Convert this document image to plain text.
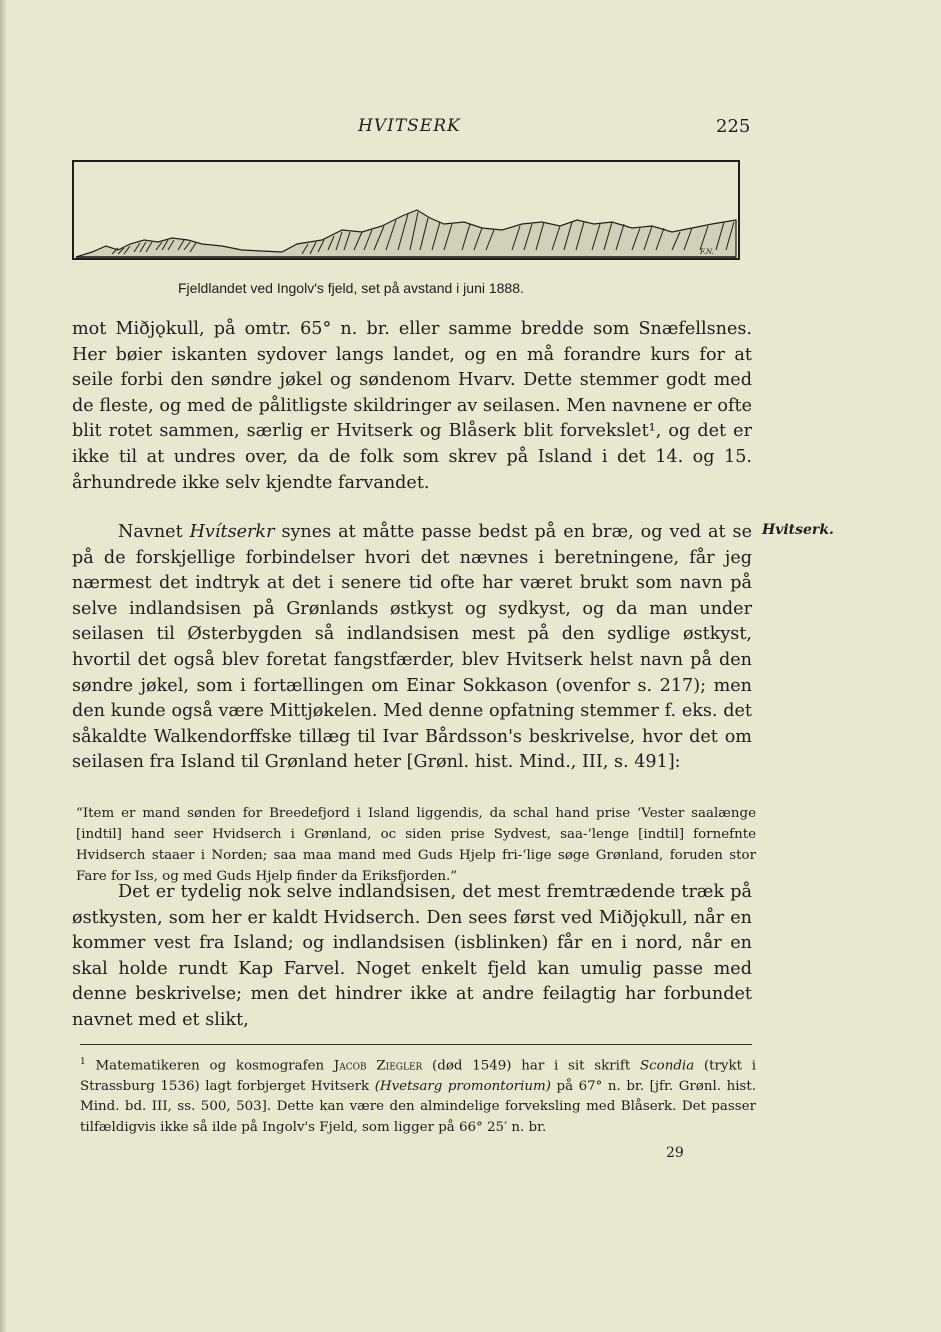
HVITSERK	225
F.N.
Fjeldlandet ved Ingolv's fjeld, set på avstand i juni 1888.

mot Miðjǫkull, på omtr. 65° n. br. eller samme bredde som Snæfellsnes. Her bøier iskanten sydover langs landet, og en må forandre kurs for at seile forbi den søndre jøkel og søndenom Hvarv. Dette stemmer godt med de fleste, og med de pålitligste skildringer av seilasen. Men navnene er ofte blit rotet sammen, særlig er Hvitserk og Blåserk blit forvekslet¹, og det er ikke til at undres over, da de folk som skrev på Island i det 14. og 15. århundrede ikke selv kjendte farvandet.

Navnet Hvítserkr synes at måtte passe bedst på en bræ, og ved at se på de forskjellige forbindelser hvori det nævnes i beretningene, får jeg nærmest det indtryk at det i senere tid ofte har været brukt som navn på selve indlandsisen på Grønlands østkyst og sydkyst, og da man under seilasen til Østerbygden så indlandsisen mest på den sydlige østkyst, hvortil det også blev foretat fangstfærder, blev Hvitserk helst navn på den søndre jøkel, som i fortællingen om Einar Sokkason (ovenfor s. 217); men den kunde også være Mittjøkelen. Med denne opfatning stemmer f. eks. det såkaldte Walkendorffske tillæg til Ivar Bårdsson's beskrivelse, hvor det om seilasen fra Island til Grønland heter [Grønl. hist. Mind., III, s. 491]:

Hvitserk.
“Item er mand sønden for Breedefjord i Island liggendis, da schal hand prise ‘Vester saalænge [indtil] hand seer Hvidserch i Grønland, oc siden prise Sydvest, saa-‘lenge [indtil] fornefnte Hvidserch staaer i Norden; saa maa mand med Guds Hjelp fri-‘lige søge Grønland, foruden stor Fare for Iss, og med Guds Hjelp finder da Eriksfjorden.”

Det er tydelig nok selve indlandsisen, det mest fremtrædende træk på østkysten, som her er kaldt Hvidserch. Den sees først ved Miðjǫkull, når en kommer vest fra Island; og indlandsisen (isblinken) får en i nord, når en skal holde rundt Kap Farvel. Noget enkelt fjeld kan umulig passe med denne beskrivelse; men det hindrer ikke at andre feilagtig har forbundet navnet med et slikt,

$^1$ Matematikeren og kosmografen Jacob Ziegler (død 1549) har i sit skrift Scondia (trykt i Strassburg 1536) lagt forbjerget Hvitserk (Hvetsarg promontorium) på 67° n. br. [jfr. Grønl. hist. Mind. bd. III, ss. 500, 503]. Dette kan være den almindelige forveksling med Blåserk. Det passer tilfældigvis ikke så ilde på Ingolv's Fjeld, som ligger på 66° 25′ n. br.
29
